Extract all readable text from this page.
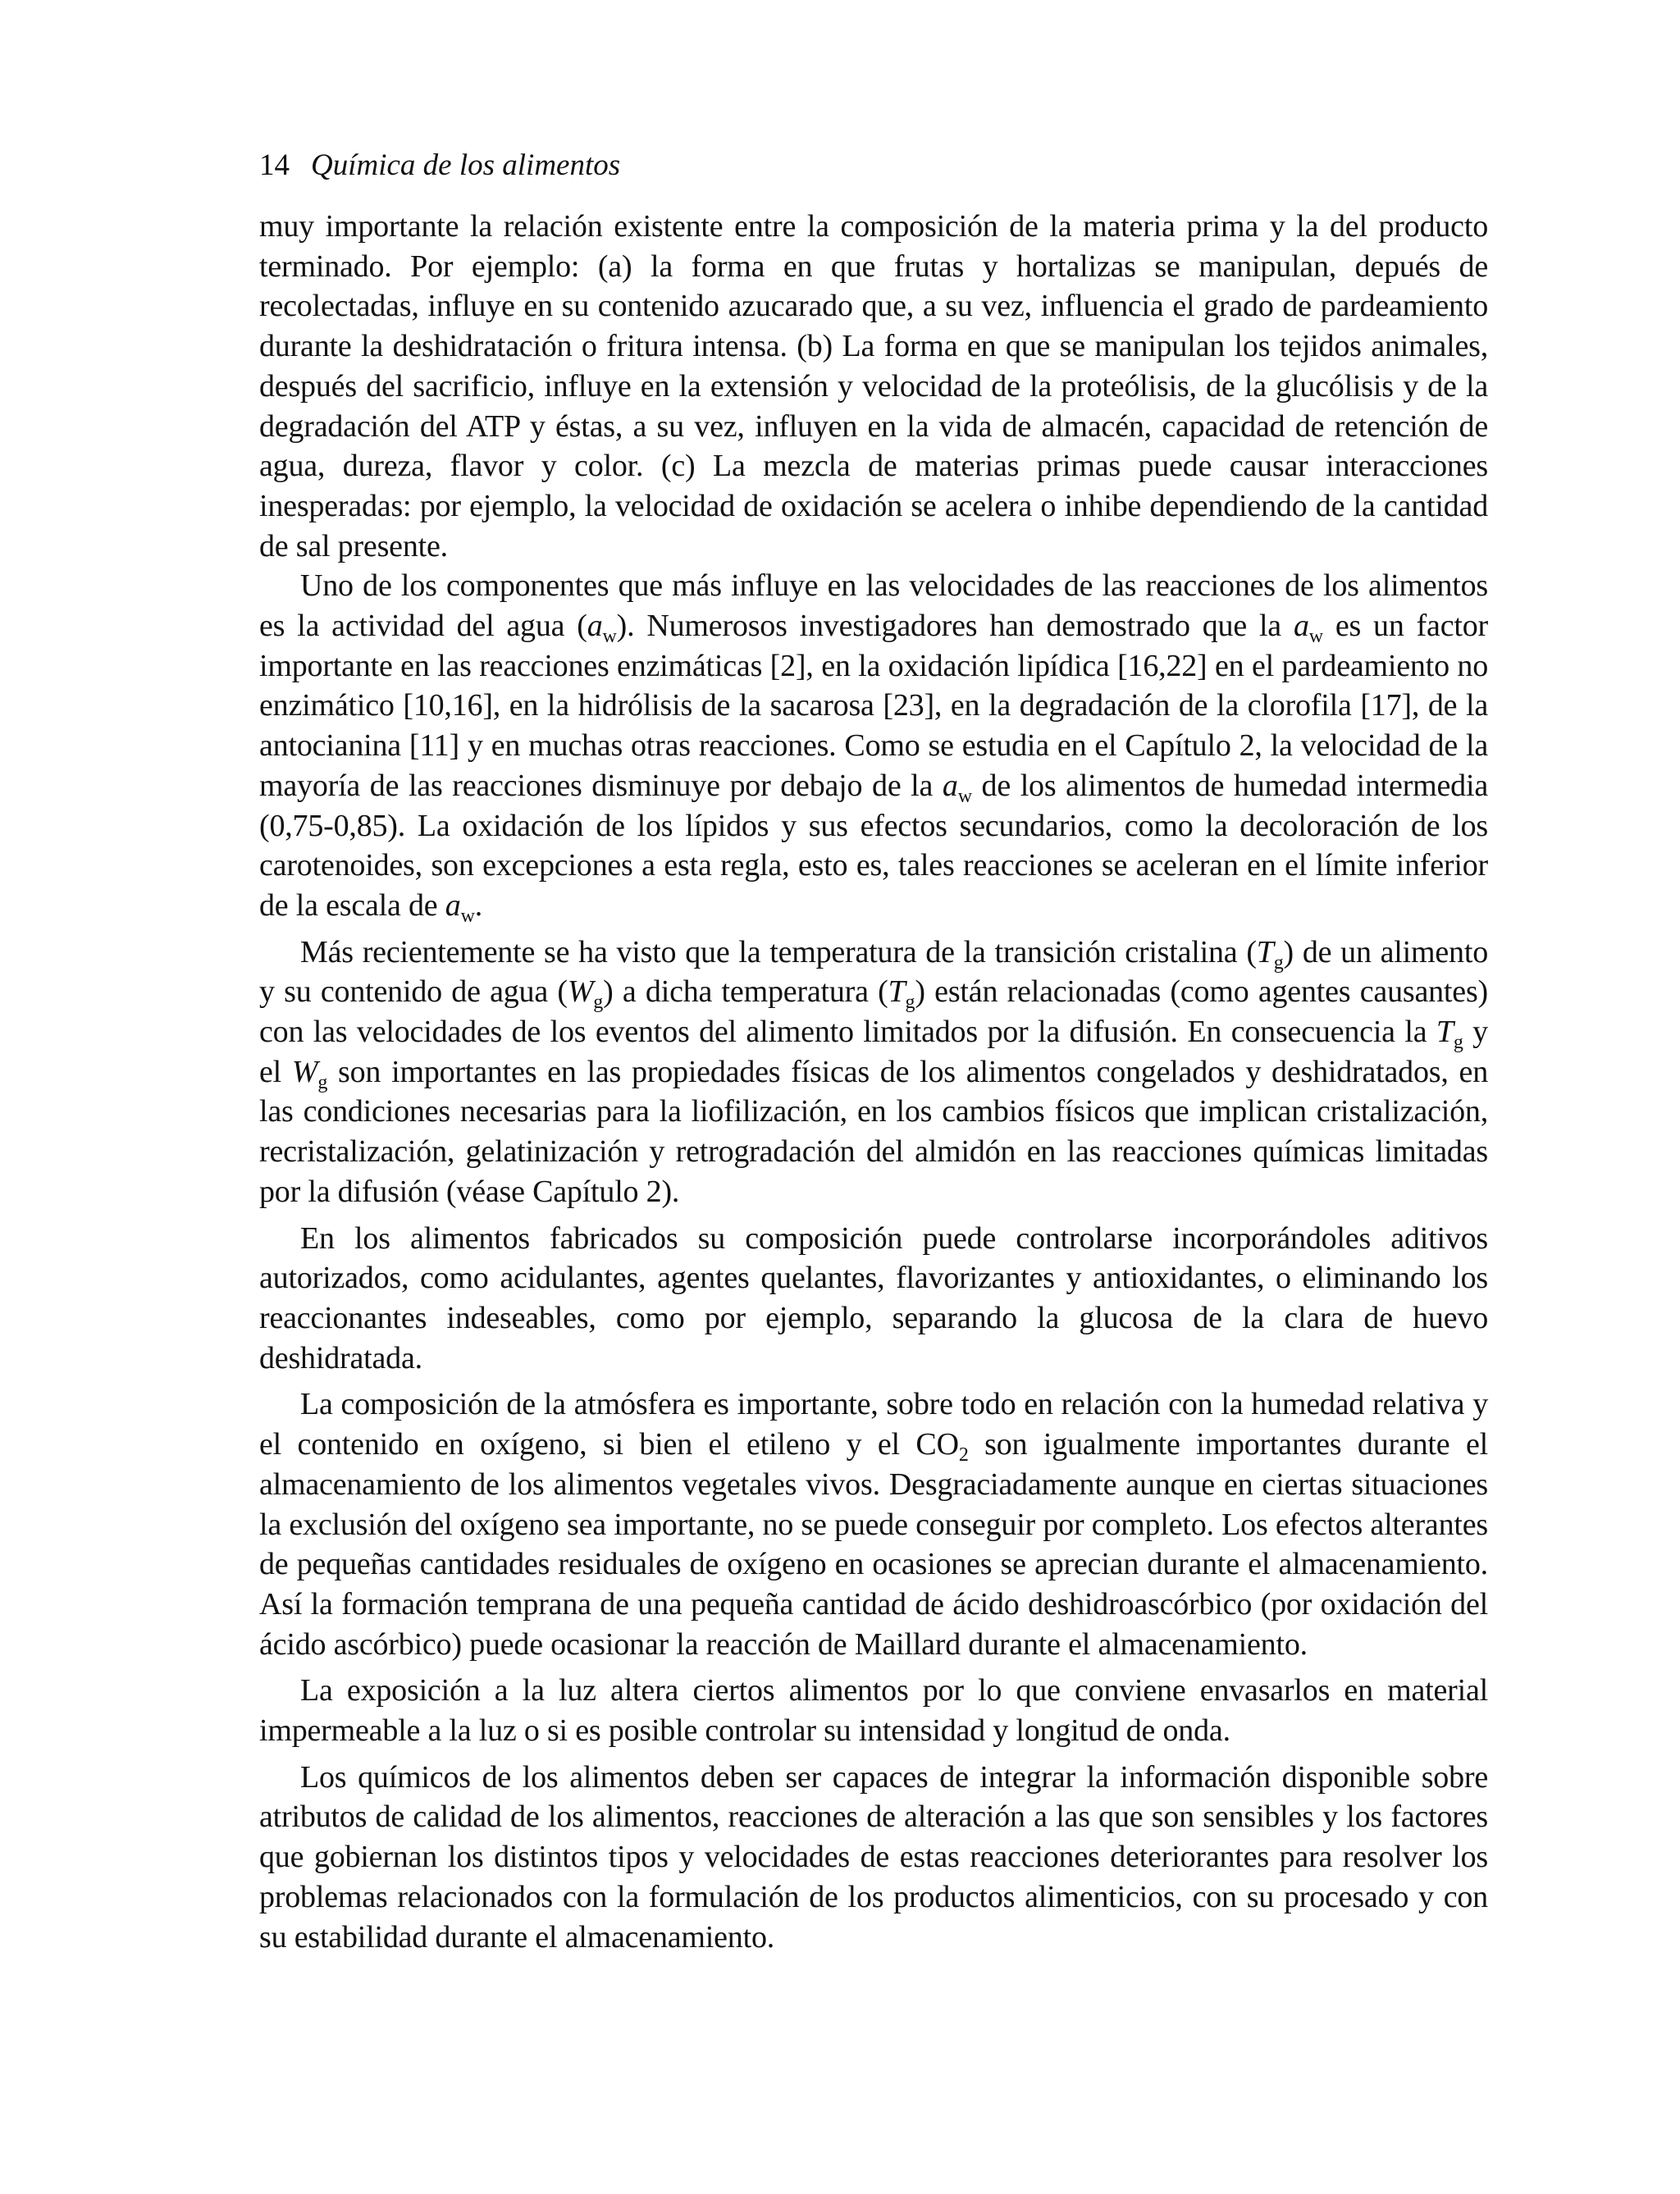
14 Química de los alimentos

muy importante la relación existente entre la composición de la materia prima y la del producto terminado. Por ejemplo: (a) la forma en que frutas y hortalizas se manipulan, depués de recolectadas, influye en su contenido azucarado que, a su vez, influencia el grado de pardeamiento durante la deshidratación o fritura intensa. (b) La forma en que se manipulan los tejidos animales, después del sacrificio, influye en la extensión y velocidad de la proteólisis, de la glucólisis y de la degradación del ATP y éstas, a su vez, influyen en la vida de almacén, capacidad de retención de agua, dureza, flavor y color. (c) La mezcla de materias primas puede causar interacciones inesperadas: por ejemplo, la velocidad de oxidación se acelera o inhibe dependiendo de la cantidad de sal presente.

Uno de los componentes que más influye en las velocidades de las reacciones de los alimentos es la actividad del agua $(a_w)$. Numerosos investigadores han demostrado que la $a_w$ es un factor importante en las reacciones enzimáticas [2], en la oxidación lipídica [16,22] en el pardeamiento no enzimático [10,16], en la hidrólisis de la sacarosa [23], en la degradación de la clorofila [17], de la antocianina [11] y en muchas otras reacciones. Como se estudia en el Capítulo 2, la velocidad de la mayoría de las reacciones disminuye por debajo de la $a_w$ de los alimentos de humedad intermedia (0,75-0,85). La oxidación de los lípidos y sus efectos secundarios, como la decoloración de los carotenoides, son excepciones a esta regla, esto es, tales reacciones se aceleran en el límite inferior de la escala de $a_w$.

Más recientemente se ha visto que la temperatura de la transición cristalina $(T_g)$ de un alimento y su contenido de agua $(W_g)$ a dicha temperatura $(T_g)$ están relacionadas (como agentes causantes) con las velocidades de los eventos del alimento limitados por la difusión. En consecuencia la $T_g$ y el $W_g$ son importantes en las propiedades físicas de los alimentos congelados y deshidratados, en las condiciones necesarias para la liofilización, en los cambios físicos que implican cristalización, recristalización, gelatinización y retrogradación del almidón en las reacciones químicas limitadas por la difusión (véase Capítulo 2).

En los alimentos fabricados su composición puede controlarse incorporándoles aditivos autorizados, como acidulantes, agentes quelantes, flavorizantes y antioxidantes, o eliminando los reaccionantes indeseables, como por ejemplo, separando la glucosa de la clara de huevo deshidratada.

La composición de la atmósfera es importante, sobre todo en relación con la humedad relativa y el contenido en oxígeno, si bien el etileno y el $CO_2$ son igualmente importantes durante el almacenamiento de los alimentos vegetales vivos. Desgraciadamente aunque en ciertas situaciones la exclusión del oxígeno sea importante, no se puede conseguir por completo. Los efectos alterantes de pequeñas cantidades residuales de oxígeno en ocasiones se aprecian durante el almacenamiento. Así la formación temprana de una pequeña cantidad de ácido deshidroascórbico (por oxidación del ácido ascórbico) puede ocasionar la reacción de Maillard durante el almacenamiento.

La exposición a la luz altera ciertos alimentos por lo que conviene envasarlos en material impermeable a la luz o si es posible controlar su intensidad y longitud de onda.

Los químicos de los alimentos deben ser capaces de integrar la información disponible sobre atributos de calidad de los alimentos, reacciones de alteración a las que son sensibles y los factores que gobiernan los distintos tipos y velocidades de estas reacciones deteriorantes para resolver los problemas relacionados con la formulación de los productos alimenticios, con su procesado y con su estabilidad durante el almacenamiento.
